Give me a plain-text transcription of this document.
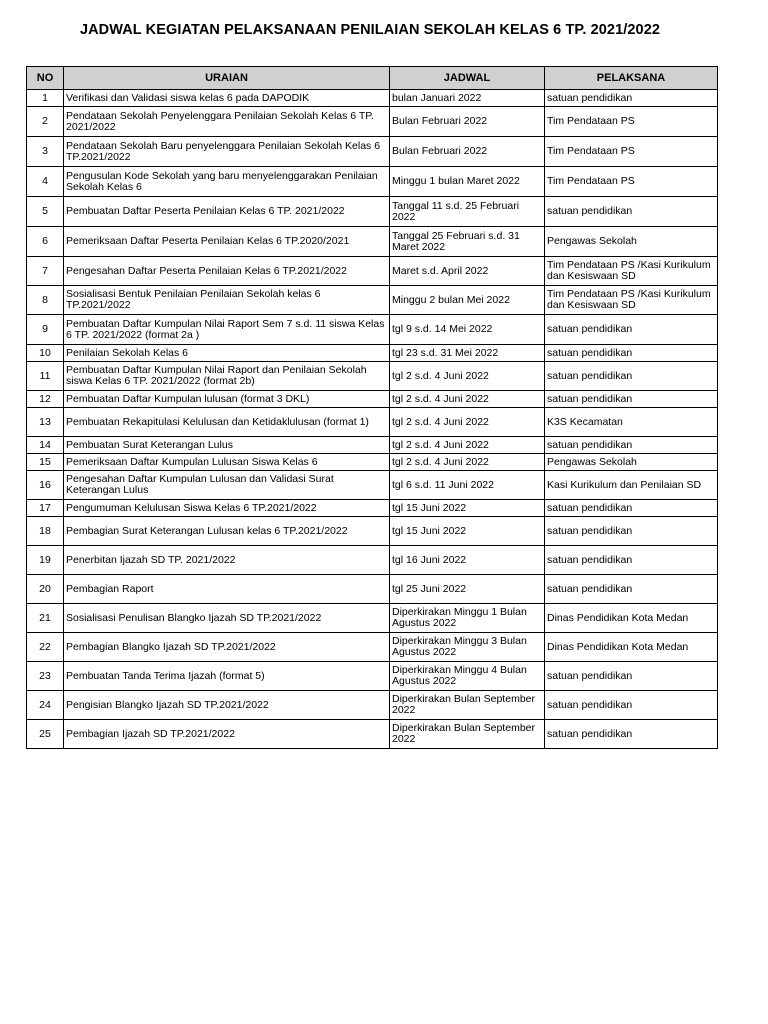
JADWAL KEGIATAN PELAKSANAAN PENILAIAN SEKOLAH KELAS 6 TP. 2021/2022
NO	URAIAN	JADWAL	PELAKSANA
1	Verifikasi dan Validasi siswa kelas 6 pada DAPODIK	bulan Januari 2022	satuan pendidikan
2	Pendataan Sekolah Penyelenggara Penilaian Sekolah Kelas 6 TP. 2021/2022	Bulan Februari 2022	Tim Pendataan PS
3	Pendataan Sekolah Baru penyelenggara Penilaian Sekolah Kelas 6 TP.2021/2022	Bulan Februari 2022	Tim Pendataan PS
4	Pengusulan Kode Sekolah yang baru menyelenggarakan Penilaian Sekolah Kelas 6	Minggu 1 bulan Maret 2022	Tim Pendataan PS
5	Pembuatan Daftar Peserta Penilaian Kelas 6 TP. 2021/2022	Tanggal 11 s.d. 25 Februari 2022	satuan pendidikan
6	Pemeriksaan Daftar Peserta Penilaian Kelas 6 TP.2020/2021	Tanggal 25 Februari s.d. 31 Maret 2022	Pengawas Sekolah
7	Pengesahan Daftar Peserta Penilaian Kelas 6 TP.2021/2022	Maret s.d. April 2022	Tim Pendataan PS /Kasi Kurikulum dan Kesiswaan SD
8	Sosialisasi Bentuk Penilaian Penilaian Sekolah kelas 6 TP.2021/2022	Minggu 2 bulan Mei 2022	Tim Pendataan PS /Kasi Kurikulum dan Kesiswaan SD
9	Pembuatan Daftar Kumpulan Nilai Raport Sem 7 s.d. 11 siswa Kelas 6 TP. 2021/2022 (format 2a )	tgl 9 s.d. 14 Mei 2022	satuan pendidikan
10	Penilaian Sekolah Kelas 6	tgl 23 s.d. 31 Mei 2022	satuan pendidikan
11	Pembuatan Daftar Kumpulan Nilai Raport dan Penilaian Sekolah siswa Kelas 6 TP. 2021/2022 (format 2b)	tgl 2 s.d. 4 Juni 2022	satuan pendidikan
12	Pembuatan Daftar Kumpulan lulusan (format 3 DKL)	tgl 2 s.d. 4 Juni 2022	satuan pendidikan
13	Pembuatan Rekapitulasi Kelulusan dan Ketidaklulusan (format 1)	tgl 2 s.d. 4 Juni 2022	K3S Kecamatan
14	Pembuatan Surat Keterangan Lulus	tgl 2 s.d. 4 Juni 2022	satuan pendidikan
15	Pemeriksaan Daftar Kumpulan Lulusan Siswa Kelas 6	tgl 2 s.d. 4 Juni 2022	Pengawas Sekolah
16	Pengesahan Daftar Kumpulan Lulusan dan Validasi Surat Keterangan Lulus	tgl 6 s.d. 11 Juni 2022	Kasi Kurikulum dan Penilaian SD
17	Pengumuman Kelulusan Siswa Kelas 6 TP.2021/2022	tgl 15 Juni 2022	satuan pendidikan
18	Pembagian Surat Keterangan Lulusan kelas 6 TP.2021/2022	tgl 15 Juni 2022	satuan pendidikan
19	Penerbitan Ijazah SD TP. 2021/2022	tgl 16 Juni 2022	satuan pendidikan
20	Pembagian Raport	tgl 25 Juni 2022	satuan pendidikan
21	Sosialisasi Penulisan Blangko Ijazah SD TP.2021/2022	Diperkirakan Minggu 1 Bulan Agustus 2022	Dinas Pendidikan Kota Medan
22	Pembagian Blangko Ijazah SD TP.2021/2022	Diperkirakan Minggu 3 Bulan Agustus 2022	Dinas Pendidikan Kota Medan
23	Pembuatan Tanda Terima Ijazah (format 5)	Diperkirakan Minggu 4 Bulan Agustus 2022	satuan pendidikan
24	Pengisian Blangko Ijazah SD TP.2021/2022	Diperkirakan Bulan September 2022	satuan pendidikan
25	Pembagian Ijazah SD TP.2021/2022	Diperkirakan Bulan September 2022	satuan pendidikan
